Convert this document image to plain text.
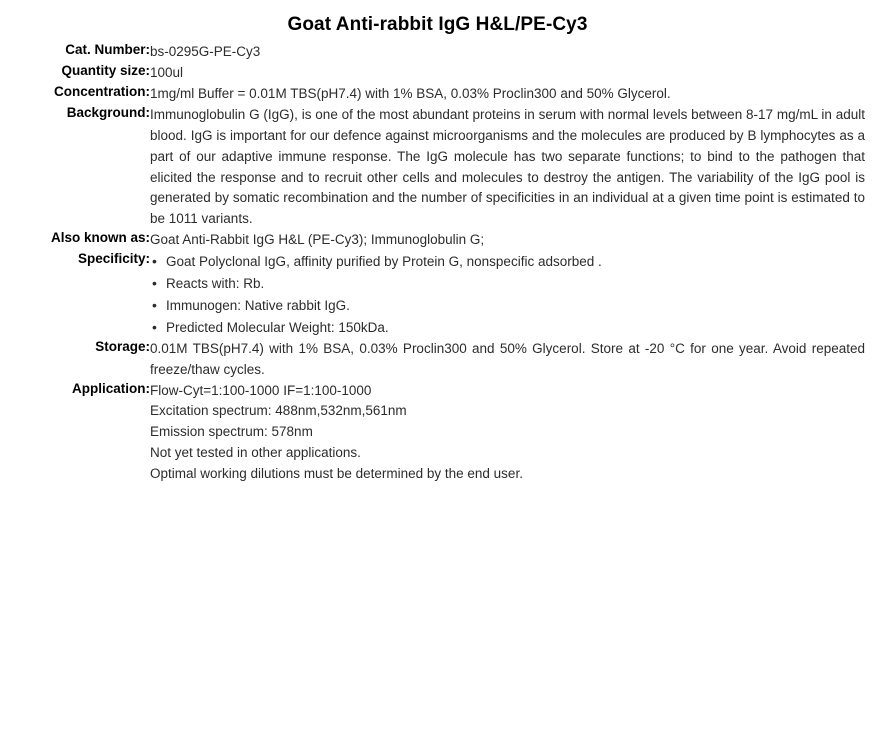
Goat Anti-rabbit IgG H&L/PE-Cy3
Cat. Number:	bs-0295G-PE-Cy3
Quantity size:	100ul
Concentration:	1mg/ml Buffer = 0.01M TBS(pH7.4) with 1% BSA, 0.03% Proclin300 and 50% Glycerol.
Background:	Immunoglobulin G (IgG), is one of the most abundant proteins in serum with normal levels between 8-17 mg/mL in adult blood. IgG is important for our defence against microorganisms and the molecules are produced by B lymphocytes as a part of our adaptive immune response. The IgG molecule has two separate functions; to bind to the pathogen that elicited the response and to recruit other cells and molecules to destroy the antigen. The variability of the IgG pool is generated by somatic recombination and the number of specificities in an individual at a given time point is estimated to be 1011 variants.
Also known as:	Goat Anti-Rabbit IgG H&L (PE-Cy3); Immunoglobulin G;
Specificity:	
•Goat Polyclonal IgG, affinity purified by Protein G, nonspecific adsorbed .
• Reacts with: Rb.
• Immunogen: Native rabbit IgG.
• Predicted Molecular Weight: 150kDa.

Storage:	0.01M TBS(pH7.4) with 1% BSA, 0.03% Proclin300 and 50% Glycerol. Store at -20 °C for one year. Avoid repeated freeze/thaw cycles.
Application:	Flow-Cyt=1:100-1000 IF=1:100-1000
Excitation spectrum: 488nm,532nm,561nm
Emission spectrum: 578nm
Not yet tested in other applications.
Optimal working dilutions must be determined by the end user.
